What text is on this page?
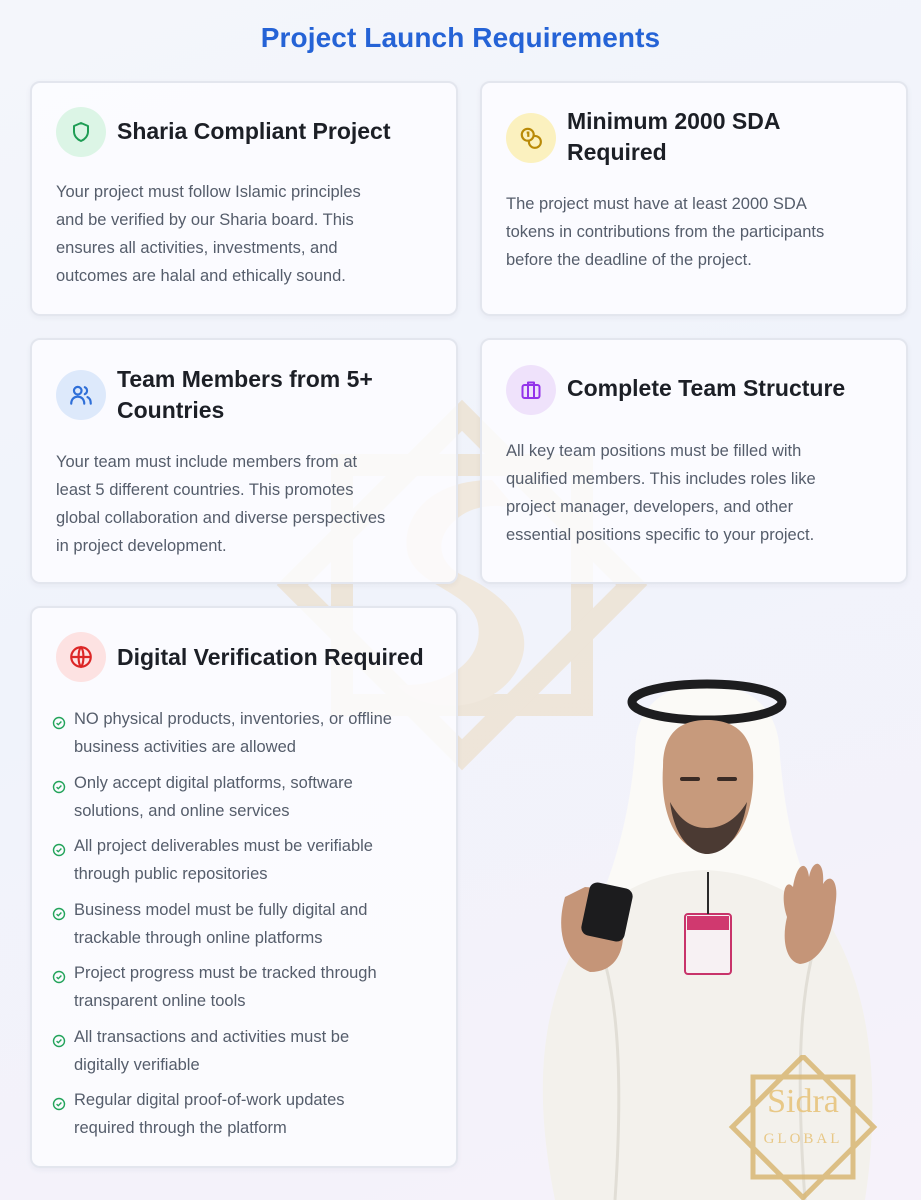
Project Launch Requirements
Sharia Compliant Project
Your project must follow Islamic principles
and be verified by our Sharia board. This
ensures all activities, investments, and
outcomes are halal and ethically sound.
Minimum 2000 SDA
Required
The project must have at least 2000 SDA
tokens in contributions from the participants
before the deadline of the project.
Team Members from 5+
Countries
Your team must include members from at
least 5 different countries. This promotes
global collaboration and diverse perspectives
in project development.
Complete Team Structure
All key team positions must be filled with
qualified members. This includes roles like
project manager, developers, and other
essential positions specific to your project.
Digital Verification Required
NO physical products, inventories, or offline
business activities are allowed
Only accept digital platforms, software
solutions, and online services
All project deliverables must be verifiable
through public repositories
Business model must be fully digital and
trackable through online platforms
Project progress must be tracked through
transparent online tools
All transactions and activities must be
digitally verifiable
Regular digital proof-of-work updates
required through the platform
Sidra
GLOBAL
